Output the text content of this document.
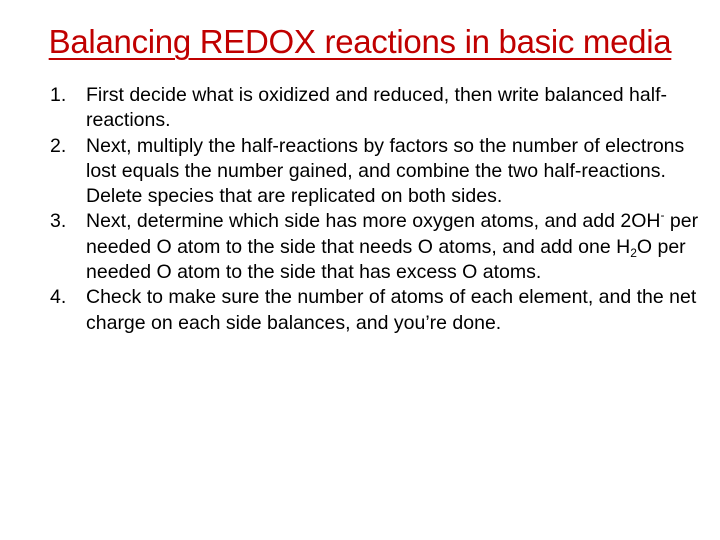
Balancing REDOX reactions in basic media
1. First decide what is oxidized and reduced, then write balanced half-reactions.
2. Next, multiply the half-reactions by factors so the number of electrons lost equals the number gained, and combine the two half-reactions. Delete species that are replicated on both sides.
3. Next, determine which side has more oxygen atoms, and add 2OH- per needed O atom to the side that needs O atoms, and add one $H_2O$ per needed O atom to the side that has excess O atoms.
4. Check to make sure the number of atoms of each element, and the net charge on each side balances, and you’re done.
